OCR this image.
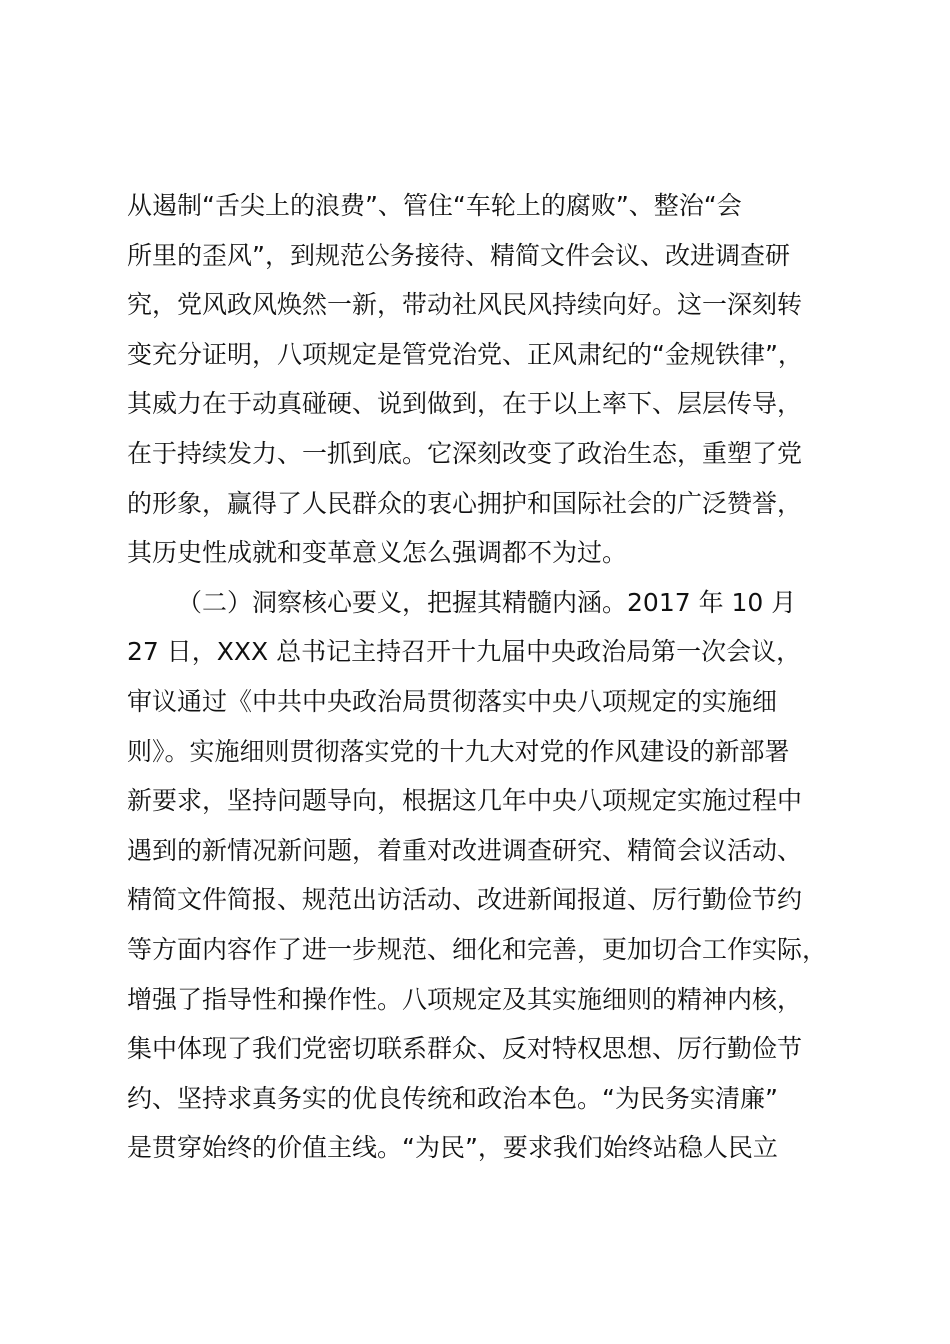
从遏制“舌尖上的浪费”、管住“车轮上的腐败”、整治“会
所里的歪风”，到规范公务接待、精简文件会议、改进调查研
究，党风政风焕然一新，带动社风民风持续向好。这一深刻转
变充分证明，八项规定是管党治党、正风肃纪的“金规铁律”，
其威力在于动真碰硬、说到做到，在于以上率下、层层传导，
在于持续发力、一抓到底。它深刻改变了政治生态，重塑了党
的形象，赢得了人民群众的衷心拥护和国际社会的广泛赞誉，
其历史性成就和变革意义怎么强调都不为过。
（二）洞察核心要义，把握其精髓内涵。2017 年 10 月
27 日，XXX 总书记主持召开十九届中央政治局第一次会议，
审议通过《中共中央政治局贯彻落实中央八项规定的实施细
则》。实施细则贯彻落实党的十九大对党的作风建设的新部署
新要求，坚持问题导向，根据这几年中央八项规定实施过程中
遇到的新情况新问题，着重对改进调查研究、精简会议活动、
精简文件简报、规范出访活动、改进新闻报道、厉行勤俭节约
等方面内容作了进一步规范、细化和完善，更加切合工作实际，
增强了指导性和操作性。八项规定及其实施细则的精神内核，
集中体现了我们党密切联系群众、反对特权思想、厉行勤俭节
约、坚持求真务实的优良传统和政治本色。“为民务实清廉”
是贯穿始终的价值主线。“为民”，要求我们始终站稳人民立
